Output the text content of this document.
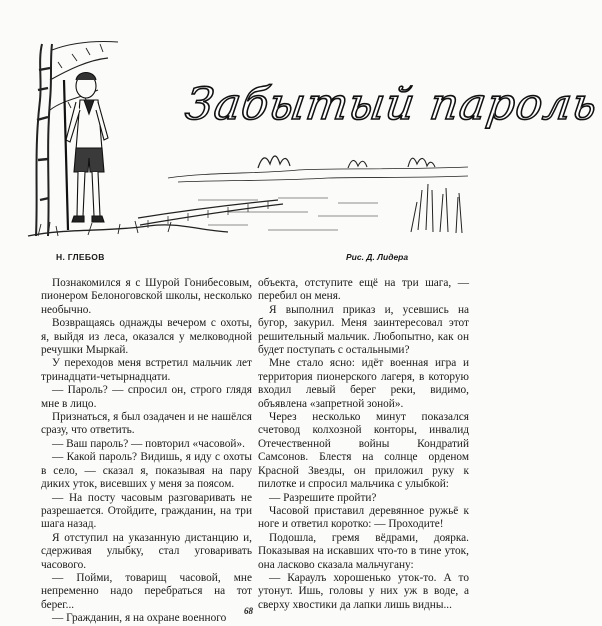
Забытый пароль
Н. ГЛЕБОВ	Рис. Д. Лидера

Познакомился я с Шурой Гонибесовым, пионером Белоноговской школы, несколько необычно.

Возвращаясь однажды вечером с охоты, я, выйдя из леса, оказался у мелководной речушки Мыркай.

У переходов меня встретил мальчик лет тринадцати-четырнадцати.

— Пароль? — спросил он, строго глядя мне в лицо.

Признаться, я был озадачен и не нашёлся сразу, что ответить.

— Ваш пароль? — повторил «часовой».

— Какой пароль? Видишь, я иду с охоты в село, — сказал я, показывая на пару диких уток, висевших у меня за поясом.

— На посту часовым разговаривать не разрешается. Отойдите, гражданин, на три шага назад.

Я отступил на указанную дистанцию и, сдерживая улыбку, стал уговаривать часового.

— Пойми, товарищ часовой, мне непременно надо перебраться на тот берег...

— Гражданин, я на охране военного

объекта, отступите ещё на три шага, — перебил он меня.

Я выполнил приказ и, усевшись на бугор, закурил. Меня заинтересовал этот решительный мальчик. Любопытно, как он будет поступать с остальными?

Мне стало ясно: идёт военная игра и территория пионерского лагеря, в которую входил левый берег реки, видимо, объявлена «запретной зоной».

Через несколько минут показался счетовод колхозной конторы, инвалид Отечественной войны Кондратий Самсонов. Блестя на солнце орденом Красной Звезды, он приложил руку к пилотке и спросил мальчика с улыбкой:

— Разрешите пройти?

Часовой приставил деревянное ружьё к ноге и ответил коротко: — Проходите!

Подошла, гремя вёдрами, доярка. Показывая на искавших что-то в тине уток, она ласково сказала мальчугану:

— Караулъ хорошенько уток-то. А то утонут. Ишь, головы у них уж в воде, а сверху хвостики да лапки лишь видны...

68
